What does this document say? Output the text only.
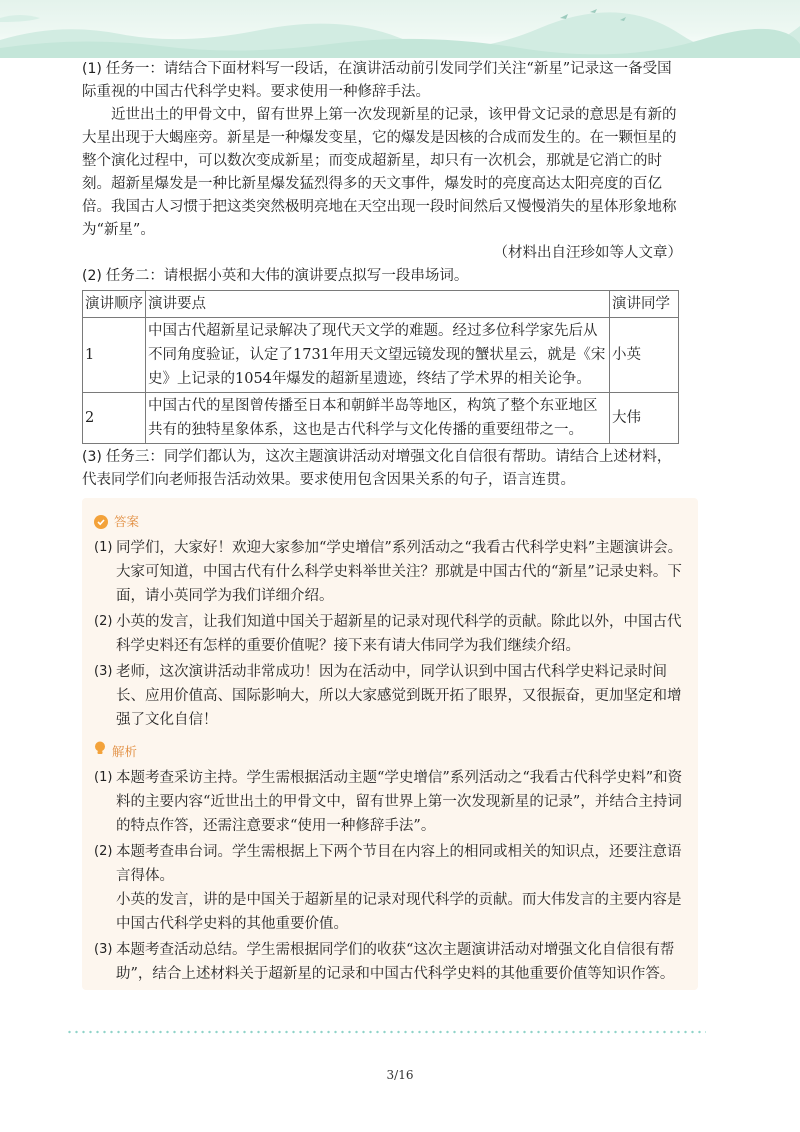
(1) 任务一：请结合下面材料写一段话，在演讲活动前引发同学们关注“新星”记录这一备受国际重视的中国古代科学史料。要求使用一种修辞手法。

近世出土的甲骨文中，留有世界上第一次发现新星的记录，该甲骨文记录的意思是有新的大星出现于大蝎座旁。新星是一种爆发变星，它的爆发是因核的合成而发生的。在一颗恒星的整个演化过程中，可以数次变成新星；而变成超新星，却只有一次机会，那就是它消亡的时刻。超新星爆发是一种比新星爆发猛烈得多的天文事件，爆发时的亮度高达太阳亮度的百亿倍。我国古人习惯于把这类突然极明亮地在天空出现一段时间然后又慢慢消失的星体形象地称为“新星”。

（材料出自汪珍如等人文章）

(2) 任务二：请根据小英和大伟的演讲要点拟写一段串场词。

演讲顺序	演讲要点	演讲同学
1	中国古代超新星记录解决了现代天文学的难题。经过多位科学家先后从不同角度验证，认定了1731年用天文望远镜发现的蟹状星云，就是《宋史》上记录的1054年爆发的超新星遗迹，终结了学术界的相关论争。	小英
2	中国古代的星图曾传播至日本和朝鲜半岛等地区，构筑了整个东亚地区共有的独特星象体系，这也是古代科学与文化传播的重要纽带之一。	大伟

(3) 任务三：同学们都认为，这次主题演讲活动对增强文化自信很有帮助。请结合上述材料，代表同学们向老师报告活动效果。要求使用包含因果关系的句子，语言连贯。

答案
(1) 同学们，大家好！欢迎大家参加“学史增信”系列活动之“我看古代科学史料”主题演讲会。

大家可知道，中国古代有什么科学史料举世关注？那就是中国古代的“新星”记录史料。下面，请小英同学为我们详细介绍。

(2) 小英的发言，让我们知道中国关于超新星的记录对现代科学的贡献。除此以外，中国古代科学史料还有怎样的重要价值呢？接下来有请大伟同学为我们继续介绍。

(3) 老师，这次演讲活动非常成功！因为在活动中，同学认识到中国古代科学史料记录时间长、应用价值高、国际影响大，所以大家感觉到既开拓了眼界，又很振奋，更加坚定和增强了文化自信！

解析
(1) 本题考查采访主持。学生需根据活动主题“学史增信”系列活动之“我看古代科学史料”和资料的主要内容“近世出土的甲骨文中，留有世界上第一次发现新星的记录”，并结合主持词的特点作答，还需注意要求“使用一种修辞手法”。

(2) 本题考查串台词。学生需根据上下两个节目在内容上的相同或相关的知识点，还要注意语言得体。

小英的发言，讲的是中国关于超新星的记录对现代科学的贡献。而大伟发言的主要内容是中国古代科学史料的其他重要价值。

(3) 本题考查活动总结。学生需根据同学们的收获“这次主题演讲活动对增强文化自信很有帮助”，结合上述材料关于超新星的记录和中国古代科学史料的其他重要价值等知识作答。

3/16
